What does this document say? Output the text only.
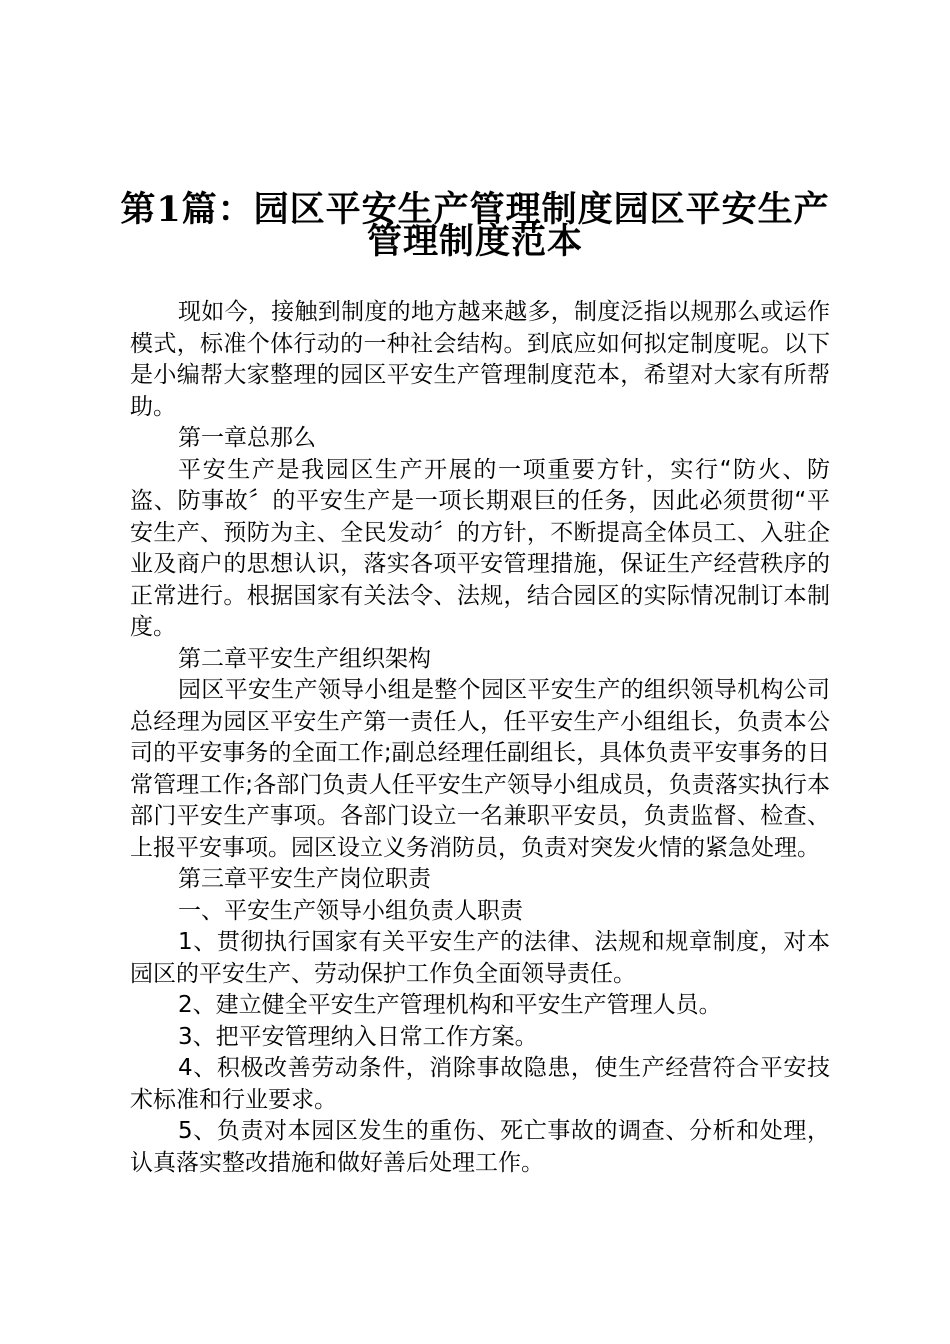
第1篇：园区平安生产管理制度园区平安生产
管理制度范本

现如今，接触到制度的地方越来越多，制度泛指以规那么或运作模式，标准个体行动的一种社会结构。到底应如何拟定制度呢。以下是小编帮大家整理的园区平安生产管理制度范本，希望对大家有所帮助。

第一章总那么

平安生产是我园区生产开展的一项重要方针，实行“防火、防盗、防事故〞的平安生产是一项长期艰巨的任务，因此必须贯彻“平安生产、预防为主、全民发动〞的方针，不断提高全体员工、入驻企业及商户的思想认识，落实各项平安管理措施，保证生产经营秩序的正常进行。根据国家有关法令、法规，结合园区的实际情况制订本制度。

第二章平安生产组织架构

园区平安生产领导小组是整个园区平安生产的组织领导机构公司总经理为园区平安生产第一责任人，任平安生产小组组长，负责本公司的平安事务的全面工作;副总经理任副组长，具体负责平安事务的日常管理工作;各部门负责人任平安生产领导小组成员，负责落实执行本部门平安生产事项。各部门设立一名兼职平安员，负责监督、检查、上报平安事项。园区设立义务消防员，负责对突发火情的紧急处理。

第三章平安生产岗位职责

一、平安生产领导小组负责人职责

1、贯彻执行国家有关平安生产的法律、法规和规章制度，对本园区的平安生产、劳动保护工作负全面领导责任。

2、建立健全平安生产管理机构和平安生产管理人员。

3、把平安管理纳入日常工作方案。

4、积极改善劳动条件，消除事故隐患，使生产经营符合平安技术标准和行业要求。

5、负责对本园区发生的重伤、死亡事故的调查、分析和处理，认真落实整改措施和做好善后处理工作。
